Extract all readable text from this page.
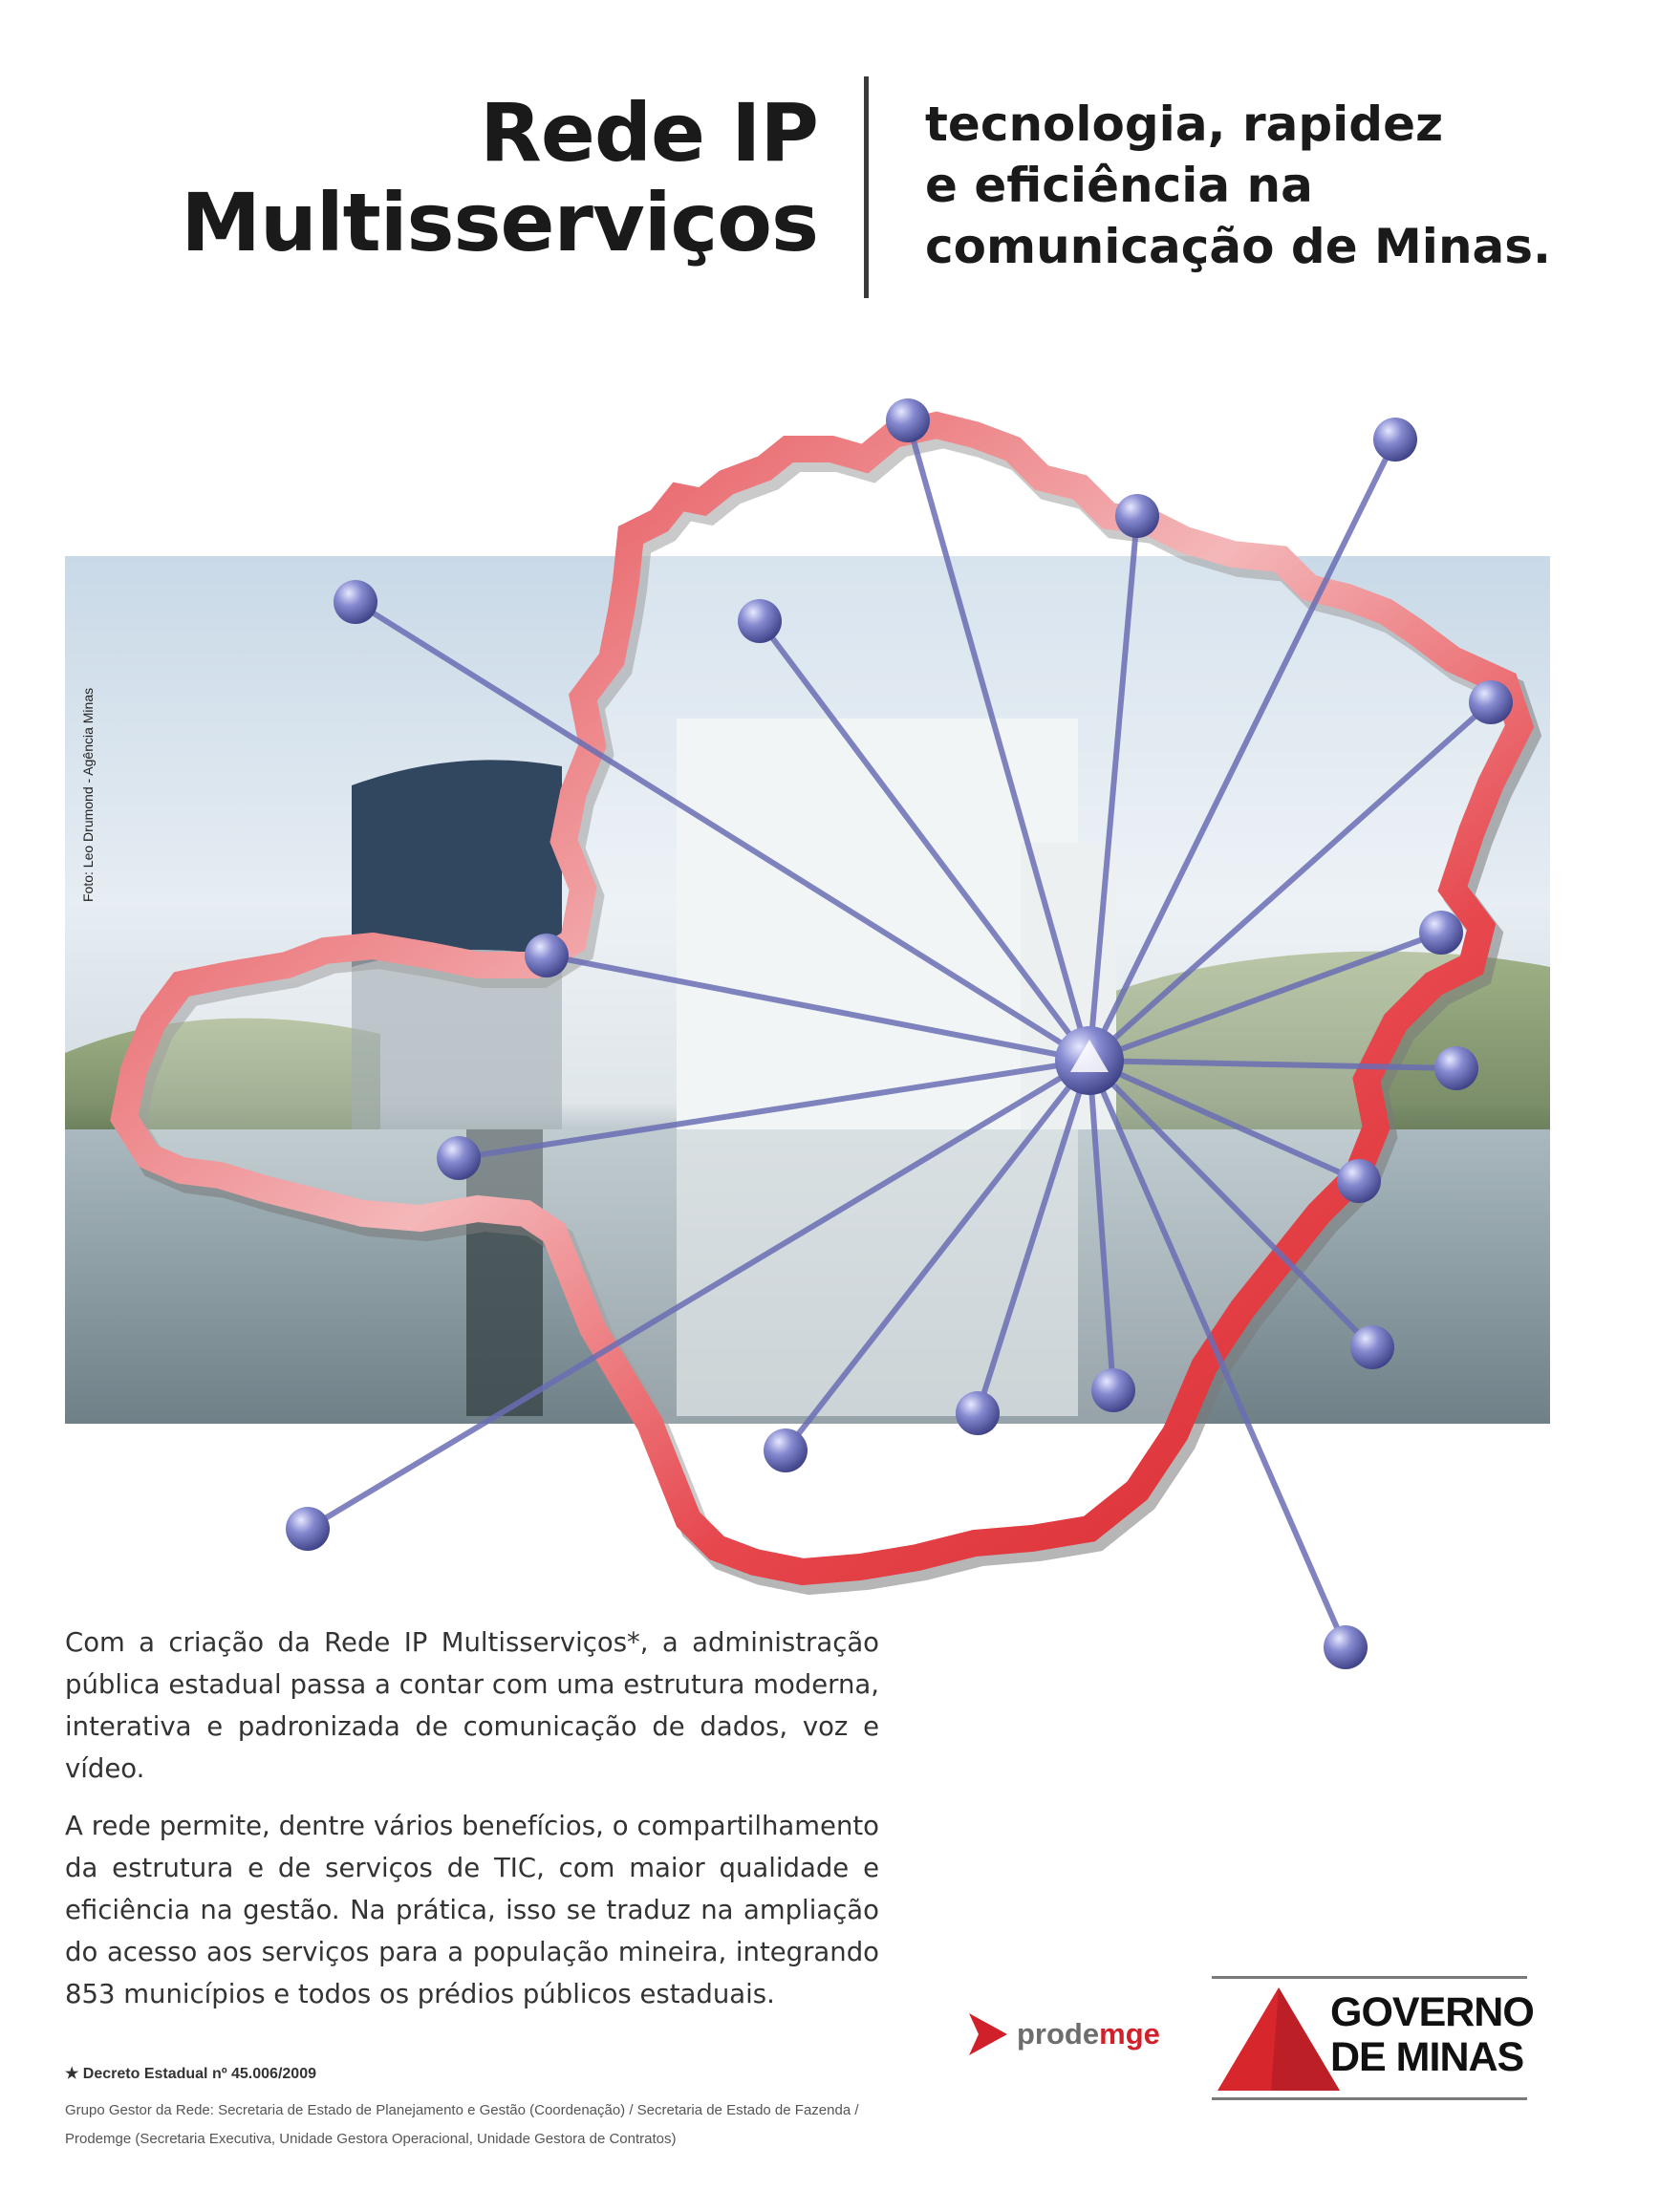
Rede IP
Multisserviços
tecnologia, rapidez
e eficiência na
comunicação de Minas.
Foto: Leo Drumond - Agência Minas

Com a criação da Rede IP Multisserviços*, a administração pública estadual passa a contar com uma estrutura moderna, interativa e padronizada de comunicação de dados, voz e vídeo.

A rede permite, dentre vários benefícios, o compartilhamento da estrutura e de serviços de TIC, com maior qualidade e eficiência na gestão. Na prática, isso se traduz na ampliação do acesso aos serviços para a população mineira, integrando 853 municípios e todos os prédios públicos estaduais.

★ Decreto Estadual nº 45.006/2009
Grupo Gestor da Rede: Secretaria de Estado de Planejamento e Gestão (Coordenação) / Secretaria de Estado de Fazenda / Prodemge (Secretaria Executiva, Unidade Gestora Operacional, Unidade Gestora de Contratos)
prodemge	GOVERNO
DE MINAS
